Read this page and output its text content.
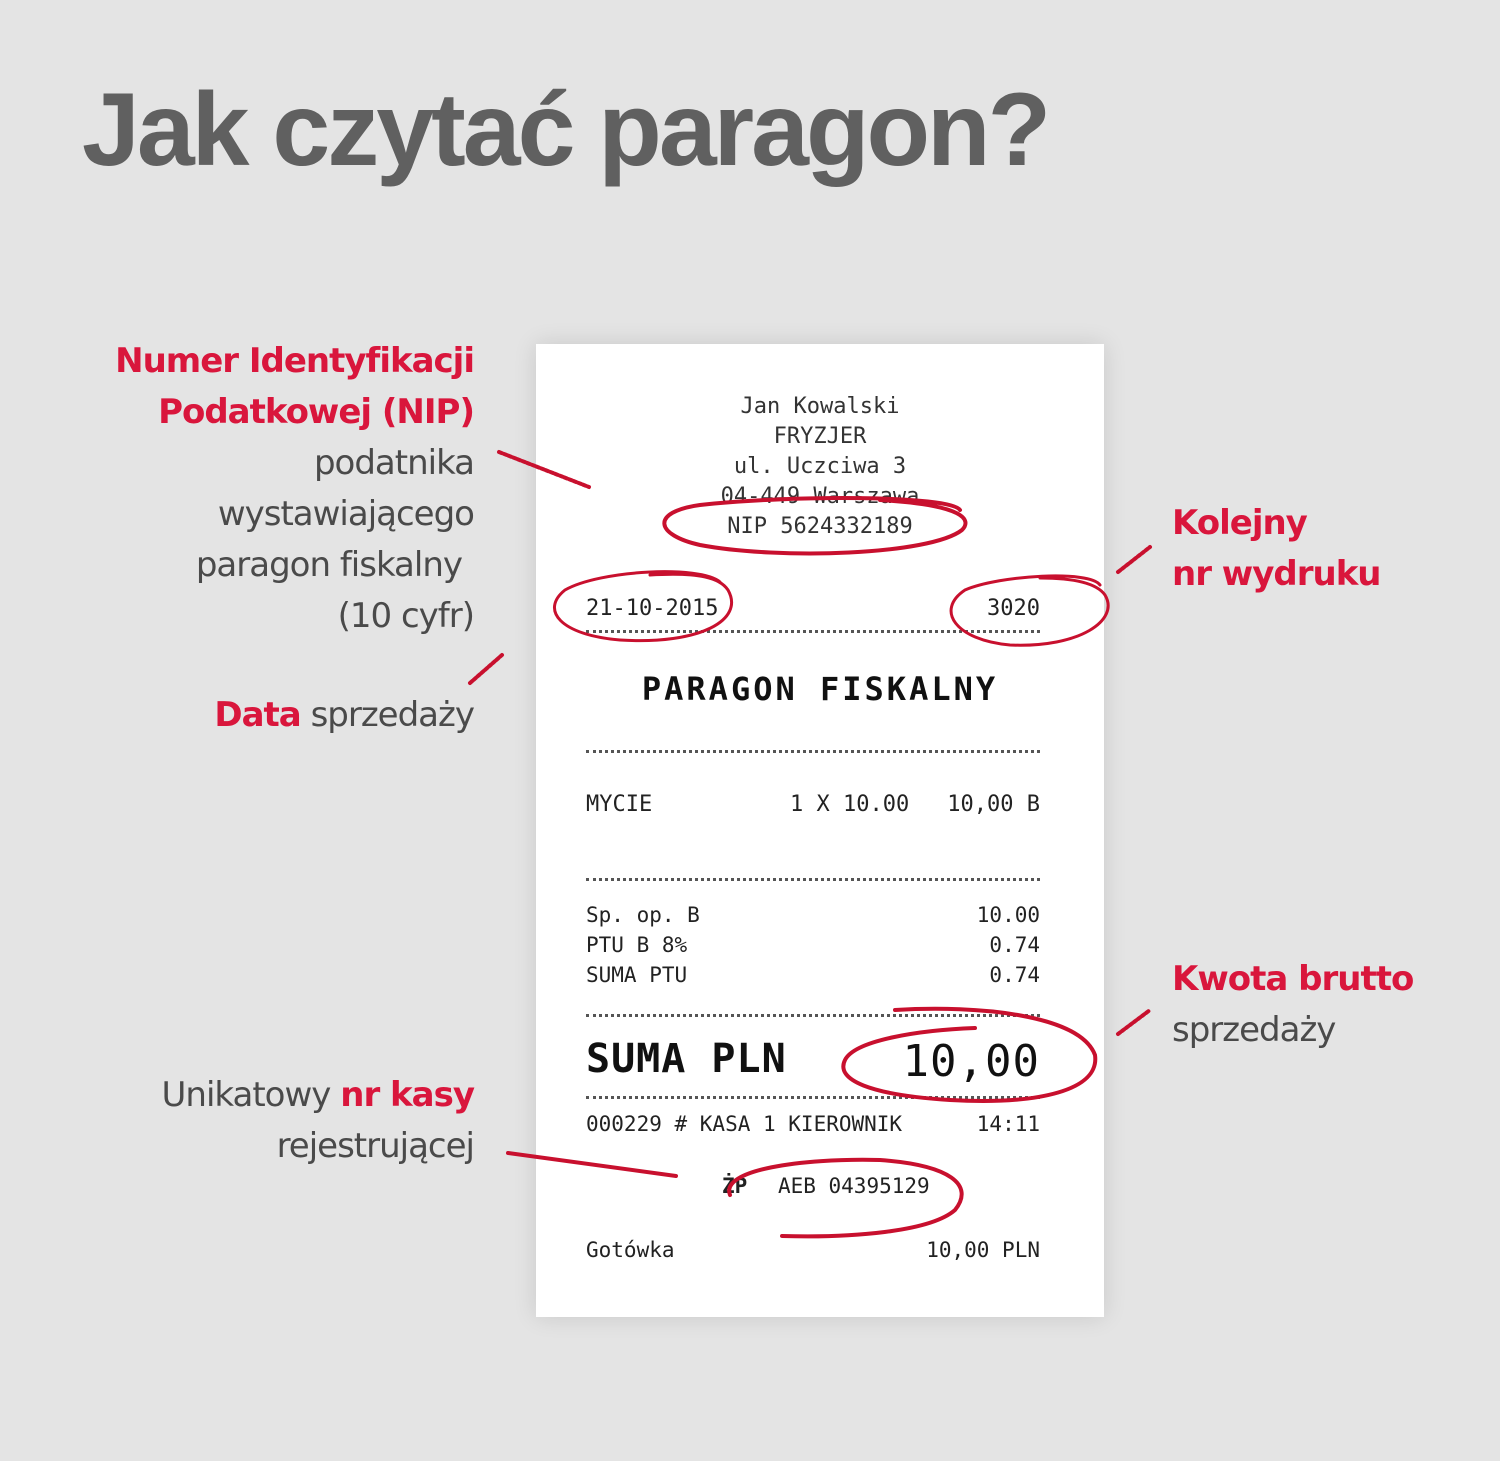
Jak czytać paragon?
Numer Identyfikacji
Podatkowej (NIP)
podatnika
wystawiającego
paragon fiskalny
(10 cyfr)
Data sprzedaży
Unikatowy nr kasy
rejestrującej
Kolejny
nr wydruku
Kwota brutto
sprzedaży
Jan Kowalski
FRYZJER
ul. Uczciwa 3
04-449 Warszawa
NIP 5624332189
21-10-2015	3020
PARAGON FISKALNY
MYCIE	1 X 10.00 10,00 B
Sp. op. B	10.00
PTU B 8%	0.74
SUMA PTU	0.74
SUMA PLN	10,00
000229 # KASA 1 KIEROWNIK	14:11
ŻP AEB 04395129
Gotówka	10,00 PLN
